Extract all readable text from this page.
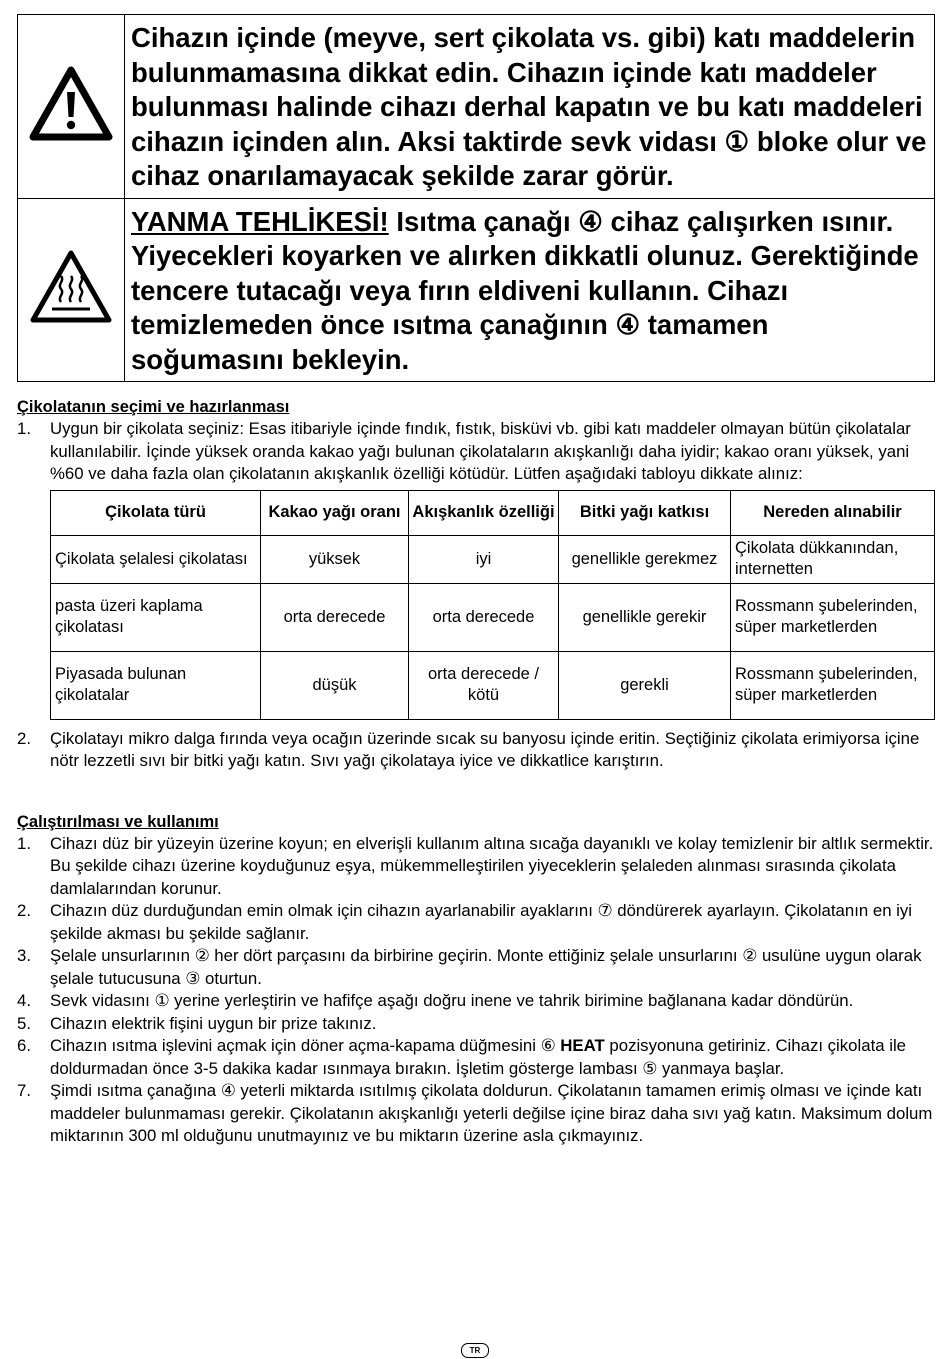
	Cihazın içinde (meyve, sert çikolata vs. gibi) katı maddelerin bulunmamasına dikkat edin. Cihazın içinde katı maddeler bulunması halinde cihazı derhal kapatın ve bu katı maddeleri cihazın içinden alın. Aksi taktirde sevk vidası ① bloke olur ve cihaz onarılamayacak şekilde zarar görür.
	YANMA TEHLİKESİ! Isıtma çanağı ④ cihaz çalışırken ısınır. Yiyecekleri koyarken ve alırken dikkatli olunuz. Gerektiğinde tencere tutacağı veya fırın eldiveni kullanın. Cihazı temizlemeden önce ısıtma çanağının ④ tamamen soğumasını bekleyin.
Çikolatanın seçimi ve hazırlanması
1. Uygun bir çikolata seçiniz: Esas itibariyle içinde fındık, fıstık, bisküvi vb. gibi katı maddeler olmayan bütün çikolatalar kullanılabilir. İçinde yüksek oranda kakao yağı bulunan çikolataların akışkanlığı daha iyidir; kakao oranı yüksek, yani %60 ve daha fazla olan çikolatanın akışkanlık özelliği kötüdür. Lütfen aşağıdaki tabloyu dikkate alınız:
Çikolata türü	Kakao yağı oranı	Akışkanlık özelliği	Bitki yağı katkısı	Nereden alınabilir
Çikolata şelalesi çikolatası	yüksek	iyi	genellikle gerekmez	Çikolata dükkanından, internetten
pasta üzeri kaplama çikolatası	orta derecede	orta derecede	genellikle gerekir	Rossmann şubelerinden, süper marketlerden
Piyasada bulunan çikolatalar	düşük	orta derecede / kötü	gerekli	Rossmann şubelerinden, süper marketlerden
2. Çikolatayı mikro dalga fırında veya ocağın üzerinde sıcak su banyosu içinde eritin. Seçtiğiniz çikolata erimiyorsa içine nötr lezzetli sıvı bir bitki yağı katın. Sıvı yağı çikolataya iyice ve dikkatlice karıştırın.
Çalıştırılması ve kullanımı
1. Cihazı düz bir yüzeyin üzerine koyun; en elverişli kullanım altına sıcağa dayanıklı ve kolay temizlenir bir altlık sermektir. Bu şekilde cihazı üzerine koyduğunuz eşya, mükemmelleştirilen yiyeceklerin şelaleden alınması sırasında çikolata damlalarından korunur.
2. Cihazın düz durduğundan emin olmak için cihazın ayarlanabilir ayaklarını ⑦ döndürerek ayarlayın. Çikolatanın en iyi şekilde akması bu şekilde sağlanır.
3. Şelale unsurlarının ② her dört parçasını da birbirine geçirin. Monte ettiğiniz şelale unsurlarını ② usulüne uygun olarak şelale tutucusuna ③ oturtun.
4. Sevk vidasını ① yerine yerleştirin ve hafifçe aşağı doğru inene ve tahrik birimine bağlanana kadar döndürün.
5. Cihazın elektrik fişini uygun bir prize takınız.
6. Cihazın ısıtma işlevini açmak için döner açma-kapama düğmesini ⑥ HEAT pozisyonuna getiriniz. Cihazı çikolata ile doldurmadan önce 3-5 dakika kadar ısınmaya bırakın. İşletim gösterge lambası ⑤ yanmaya başlar.
7. Şimdi ısıtma çanağına ④ yeterli miktarda ısıtılmış çikolata doldurun. Çikolatanın tamamen erimiş olması ve içinde katı maddeler bulunmaması gerekir. Çikolatanın akışkanlığı yeterli değilse içine biraz daha sıvı yağ katın. Maksimum dolum miktarının 300 ml olduğunu unutmayınız ve bu miktarın üzerine asla çıkmayınız.
TR
